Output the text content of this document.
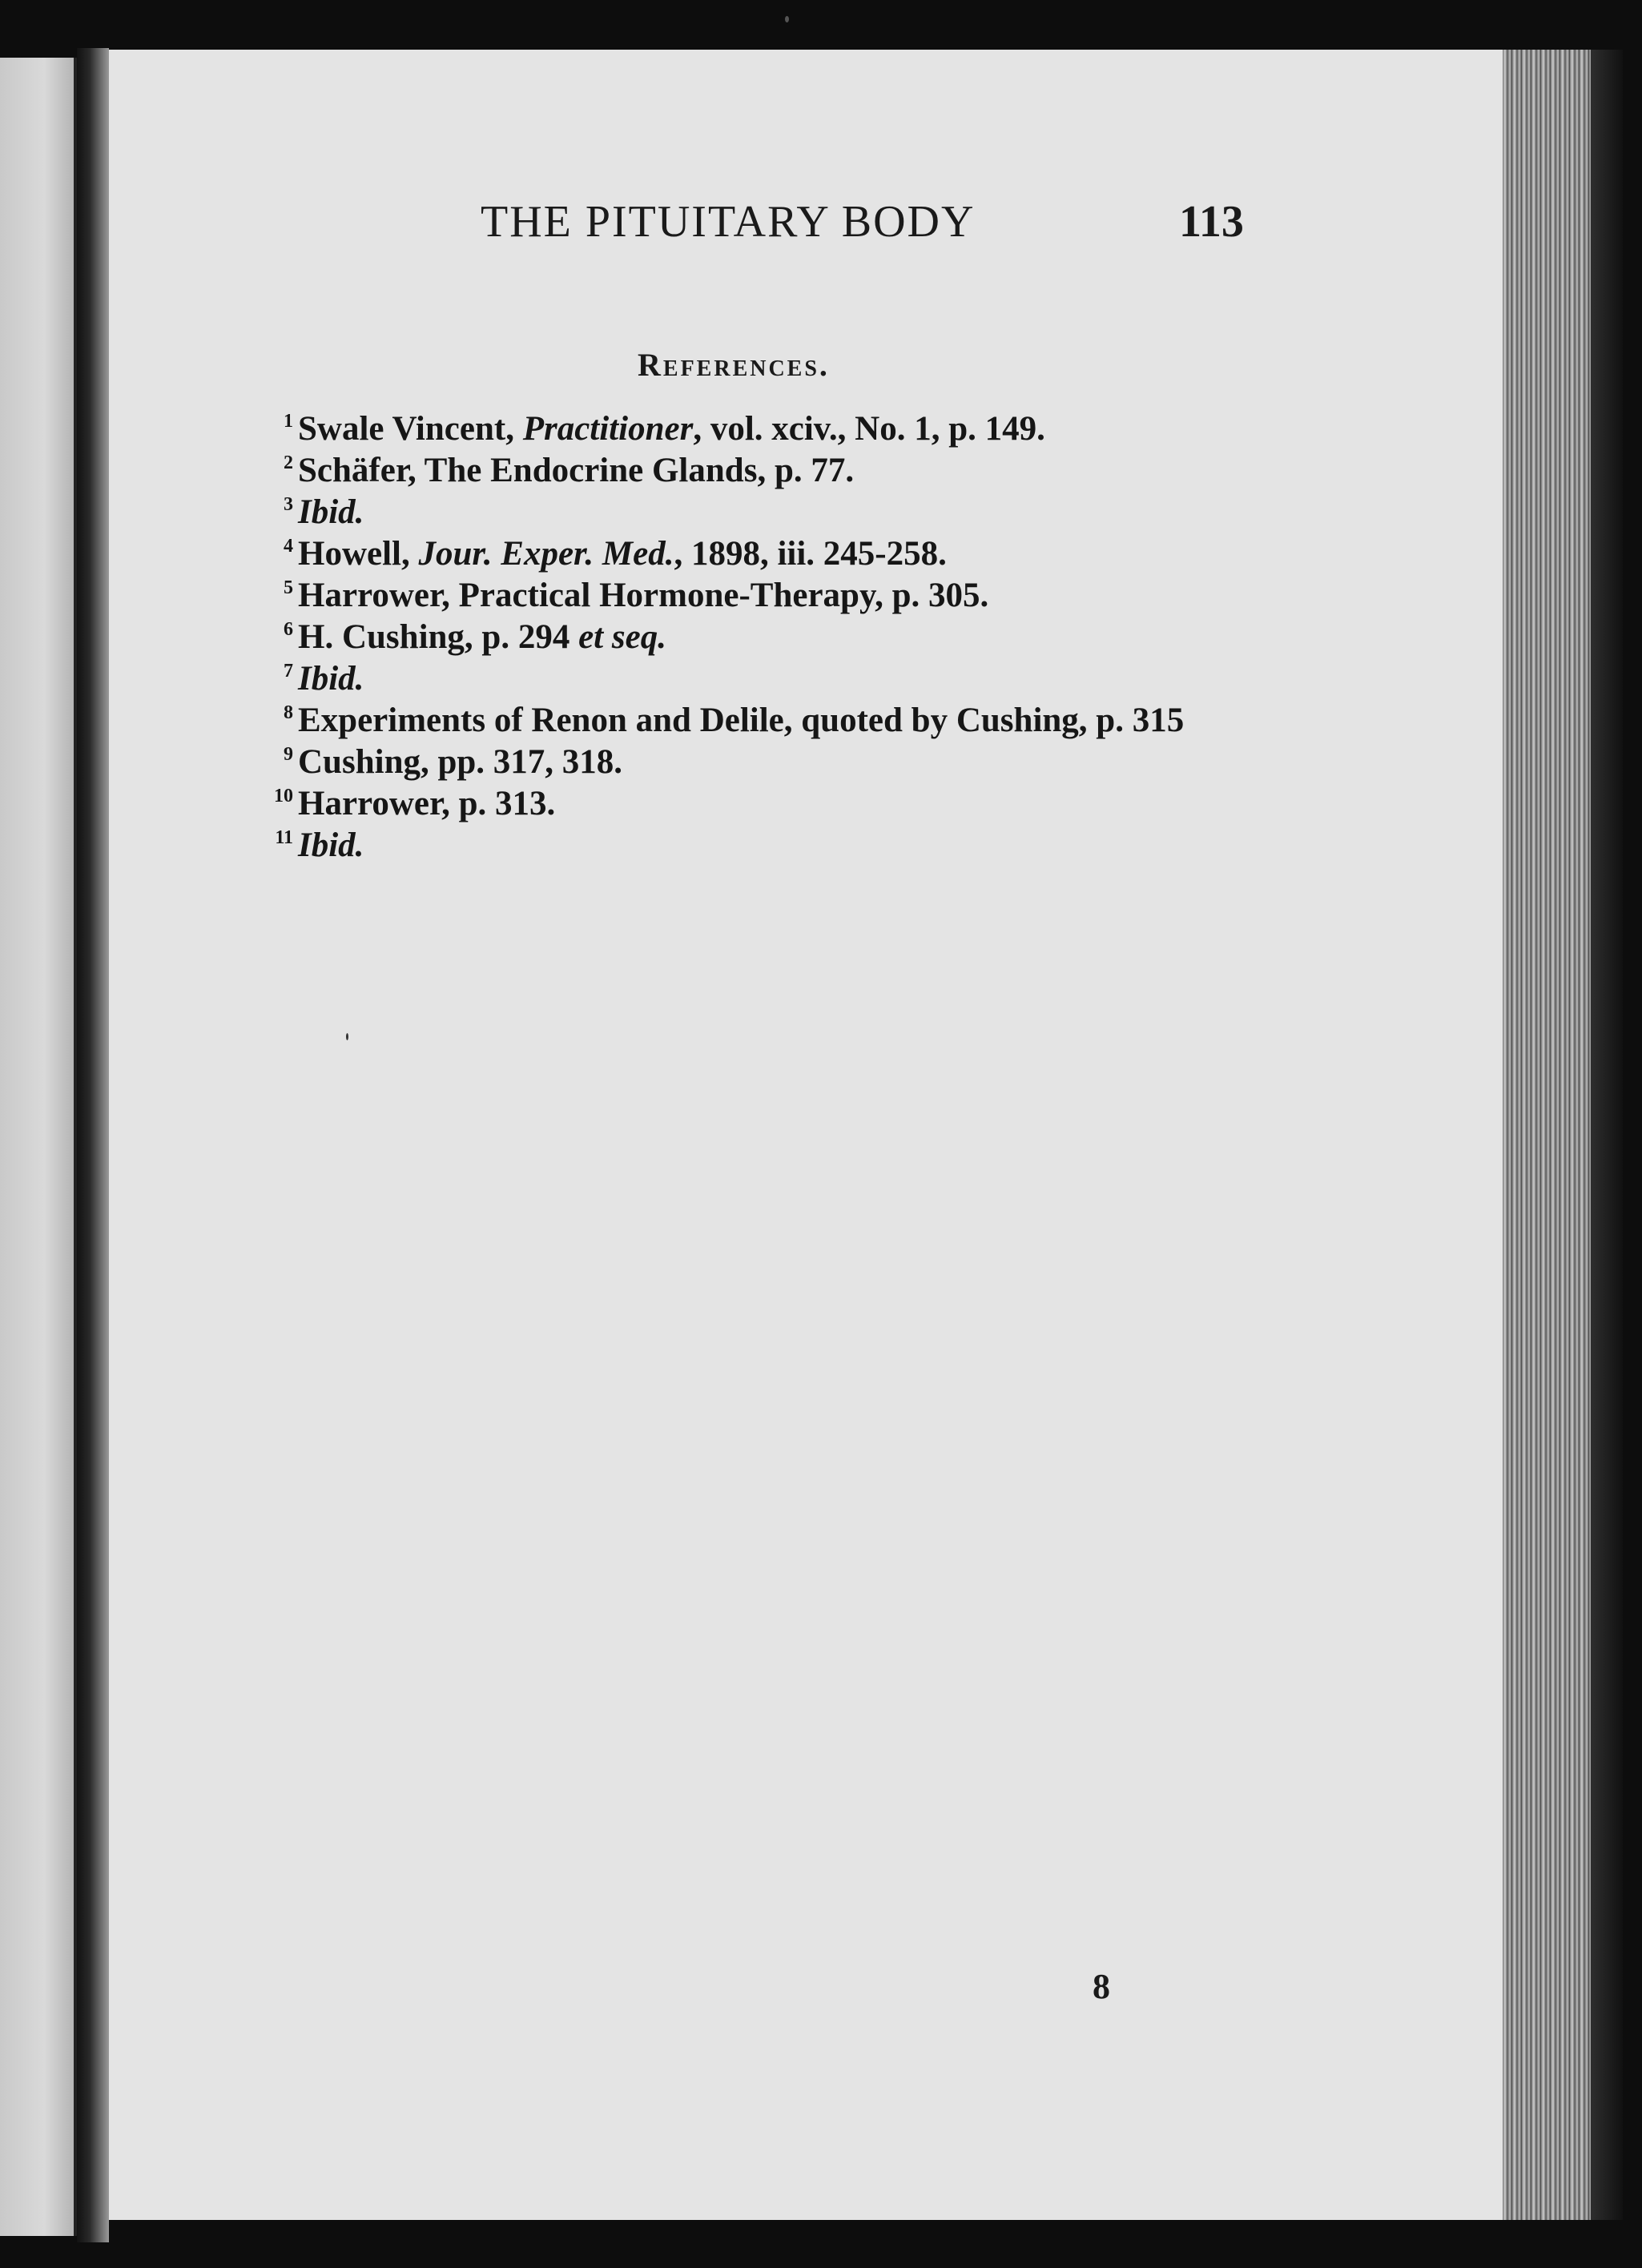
THE PITUITARY BODY	113
References.
1 Swale Vincent, Practitioner, vol. xciv., No. 1, p. 149.
2 Schäfer, The Endocrine Glands, p. 77.
3 Ibid.
4 Howell, Jour. Exper. Med., 1898, iii. 245-258.
5 Harrower, Practical Hormone-Therapy, p. 305.
6 H. Cushing, p. 294 et seq.
7 Ibid.
8 Experiments of Renon and Delile, quoted by Cushing, p. 315
9 Cushing, pp. 317, 318.
10 Harrower, p. 313.
11 Ibid.
8
